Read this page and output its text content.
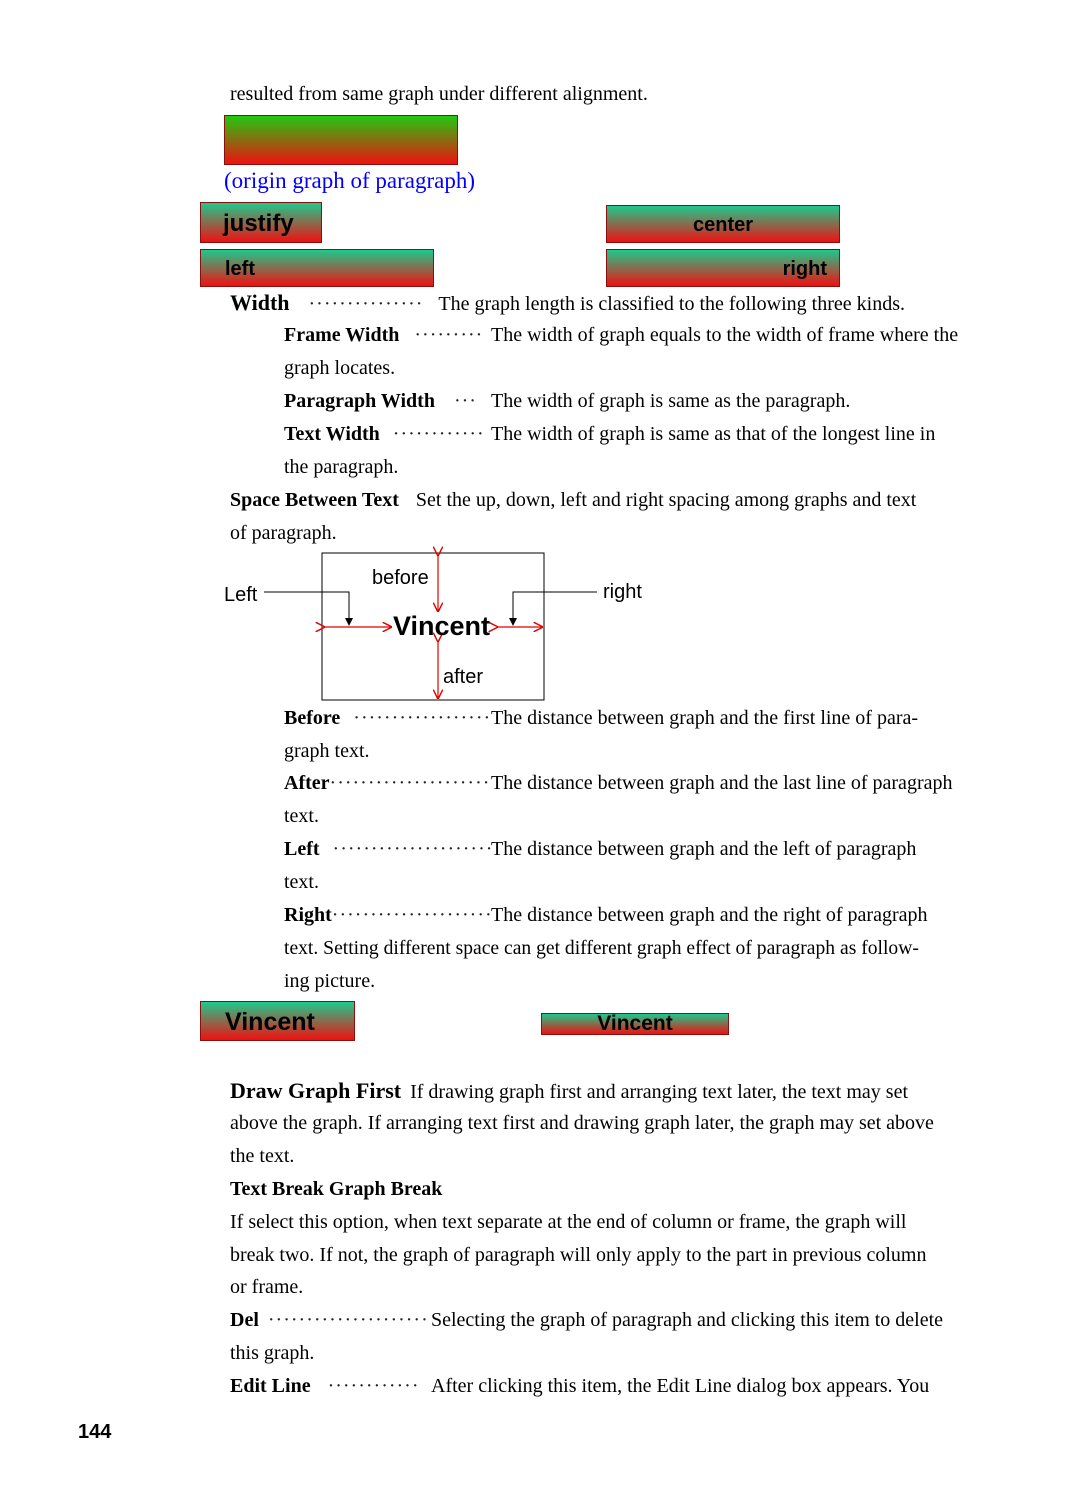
resulted from same graph under different alignment.
(origin graph of paragraph)
justify	center
left	right
Width ··············· The graph length is classified to the following three kinds.
Frame Width ········· The width of graph equals to the width of frame where the
graph locates.
Paragraph Width ··· The width of graph is same as the paragraph.
Text Width ············ The width of graph is same as that of the longest line in
the paragraph.
Space Between Text Set the up, down, left and right spacing among graphs and text
of paragraph.
before
after
Left	right
Vincent
Before ·················· The distance between graph and the first line of para-
graph text.
After····················· The distance between graph and the last line of paragraph
text.
Left ·····················
The distance between graph and the left of paragraph
text.
Right·····················
The distance between graph and the right of paragraph
text. Setting different space can get different graph effect of paragraph as follow-
ing picture.
Vincent	Vincent
Draw Graph First If drawing graph first and arranging text later, the text may set
above the graph. If arranging text first and drawing graph later, the graph may set above
the text.
Text Break Graph Break
If select this option, when text separate at the end of column or frame, the graph will
break two. If not, the graph of paragraph will only apply to the part in previous column
or frame.
Del ····················· Selecting the graph of paragraph and clicking this item to delete
this graph.
Edit Line ············ After clicking this item, the Edit Line dialog box appears. You
144
